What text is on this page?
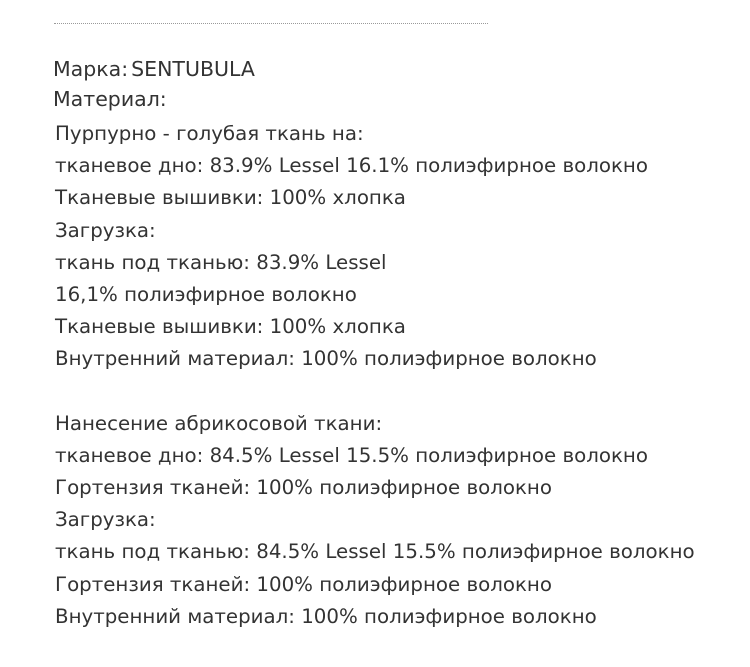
Марка: SENTUBULA
Материал:
Пурпурно - голубая ткань на:
тканевое дно: 83.9% Lessel 16.1% полиэфирное волокно
Тканевые вышивки: 100% хлопка
Загрузка:
ткань под тканью: 83.9% Lessel
16,1% полиэфирное волокно
Тканевые вышивки: 100% хлопка
Внутренний материал: 100% полиэфирное волокно
Нанесение абрикосовой ткани:
тканевое дно: 84.5% Lessel 15.5% полиэфирное волокно
Гортензия тканей: 100% полиэфирное волокно
Загрузка:
ткань под тканью: 84.5% Lessel 15.5% полиэфирное волокно
Гортензия тканей: 100% полиэфирное волокно
Внутренний материал: 100% полиэфирное волокно
